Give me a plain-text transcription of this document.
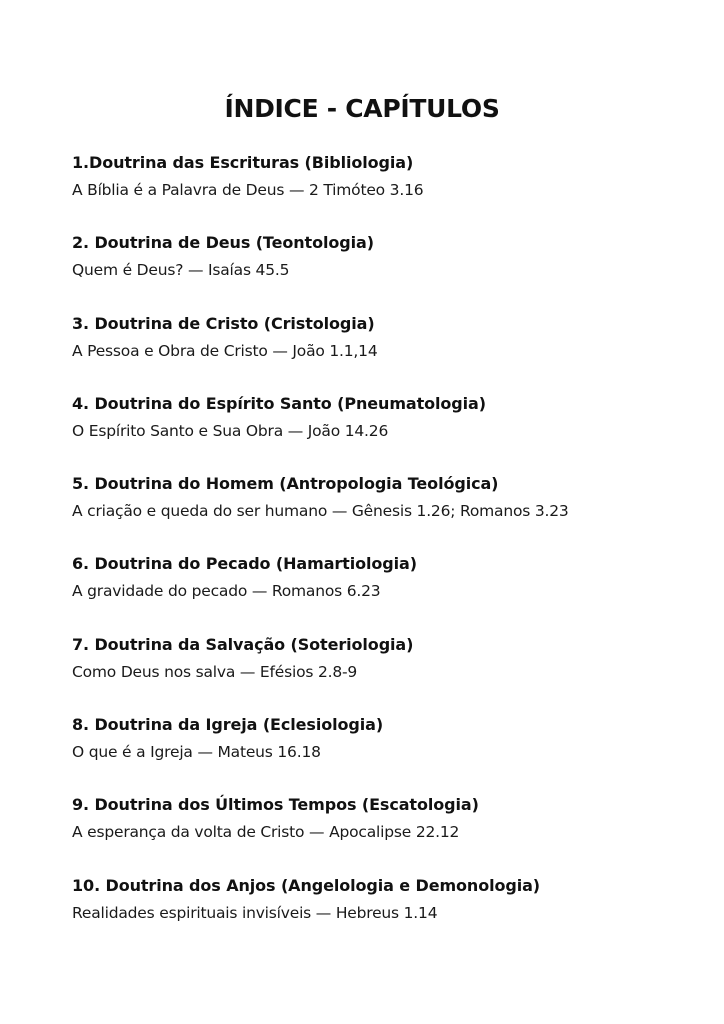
ÍNDICE - CAPÍTULOS
1.Doutrina das Escrituras (Bibliologia)
A Bíblia é a Palavra de Deus — 2 Timóteo 3.16
2. Doutrina de Deus (Teontologia)
Quem é Deus? — Isaías 45.5
3. Doutrina de Cristo (Cristologia)
A Pessoa e Obra de Cristo — João 1.1,14
4. Doutrina do Espírito Santo (Pneumatologia)
O Espírito Santo e Sua Obra — João 14.26
5. Doutrina do Homem (Antropologia Teológica)
A criação e queda do ser humano — Gênesis 1.26; Romanos 3.23
6. Doutrina do Pecado (Hamartiologia)
A gravidade do pecado — Romanos 6.23
7. Doutrina da Salvação (Soteriologia)
Como Deus nos salva — Efésios 2.8-9
8. Doutrina da Igreja (Eclesiologia)
O que é a Igreja — Mateus 16.18
9. Doutrina dos Últimos Tempos (Escatologia)
A esperança da volta de Cristo — Apocalipse 22.12
10. Doutrina dos Anjos (Angelologia e Demonologia)
Realidades espirituais invisíveis — Hebreus 1.14
